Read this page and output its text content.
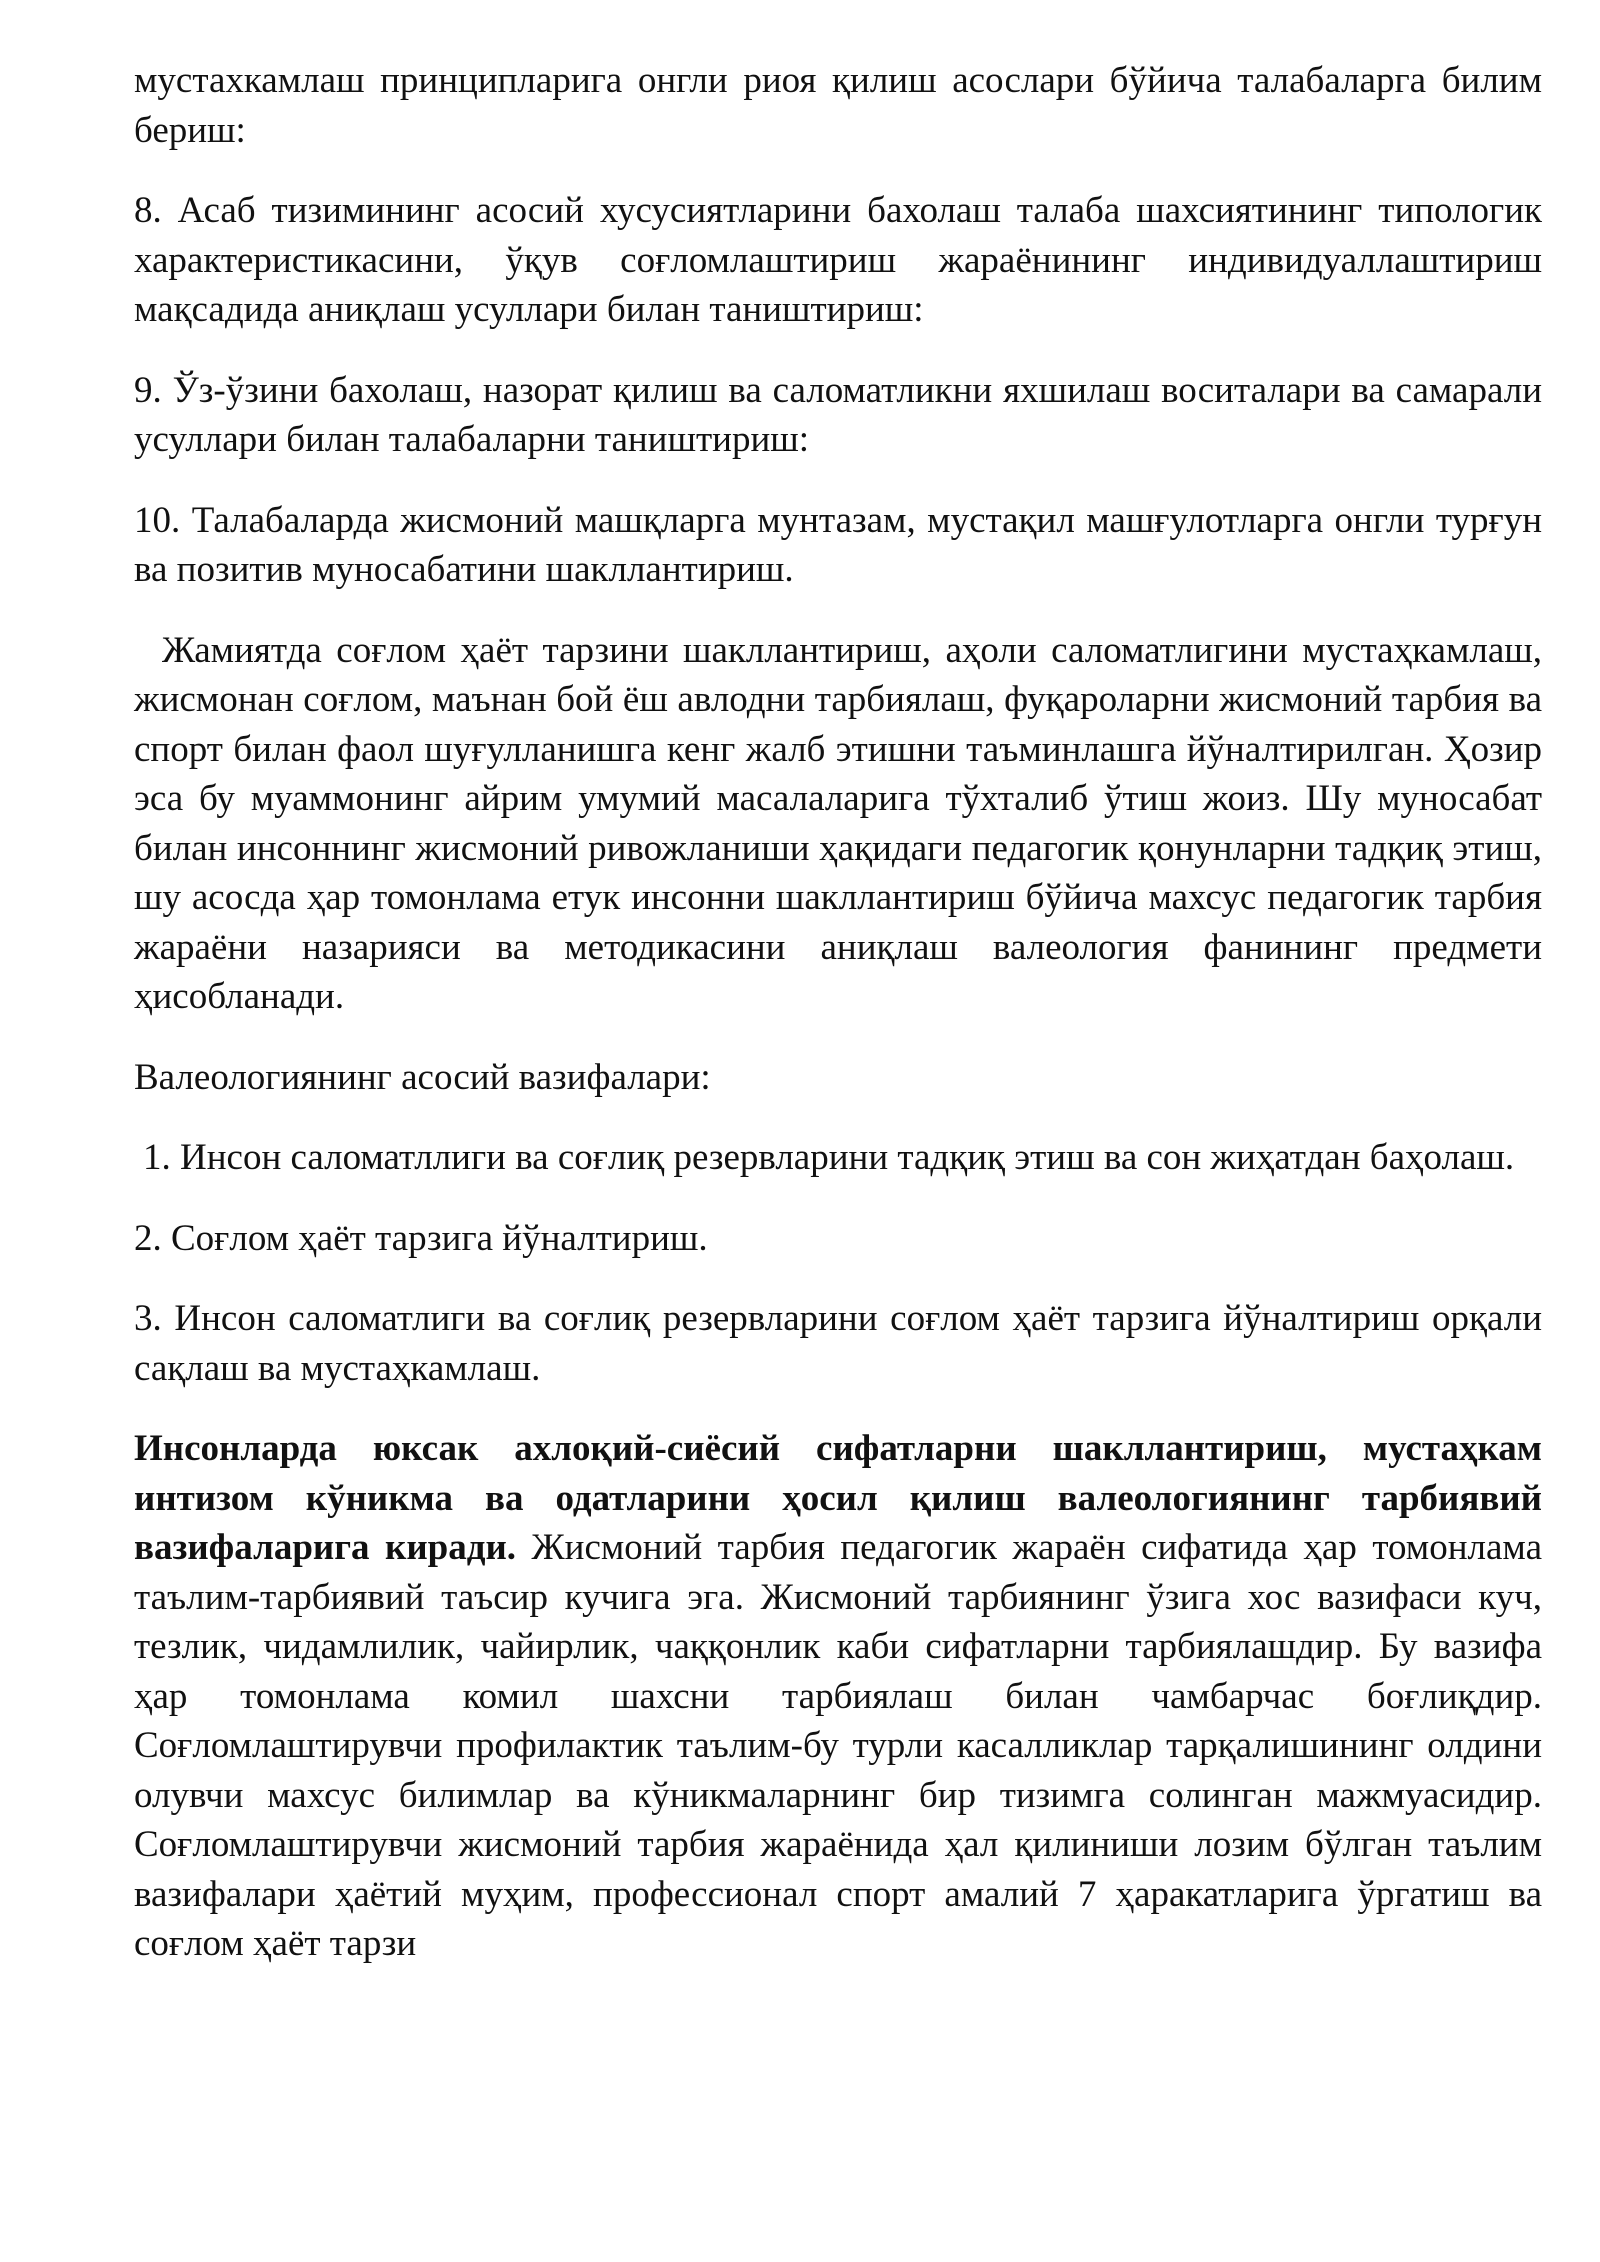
мустахкамлаш принципларига онгли риоя қилиш асослари бўйича талабаларга билим бериш:

8. Асаб тизимининг асосий хусусиятларини бахолаш талаба шахсиятининг типологик характеристикасини, ўқув соғломлаштириш жараёнининг индивидуаллаштириш мақсадида аниқлаш усуллари билан таништириш:

9. Ўз-ўзини бахолаш, назорат қилиш ва саломатликни яхшилаш воситалари ва самарали усуллари билан талабаларни таништириш:

10. Талабаларда жисмоний машқларга мунтазам, мустақил машғулотларга онгли турғун ва позитив муносабатини шакллантириш.

Жамиятда соғлом ҳаёт тарзини шакллантириш, аҳоли саломатлигини мустаҳкамлаш, жисмонан соғлом, маънан бой ёш авлодни тарбиялаш, фуқароларни жисмоний тарбия ва спорт билан фаол шуғулланишга кенг жалб этишни таъминлашга йўналтирилган. Ҳозир эса бу муаммонинг айрим умумий масалаларига тўхталиб ўтиш жоиз. Шу муносабат билан инсоннинг жисмоний ривожланиши ҳақидаги педагогик қонунларни тадқиқ этиш, шу асосда ҳар томонлама етук инсонни шакллантириш бўйича махсус педагогик тарбия жараёни назарияси ва методикасини аниқлаш валеология фанининг предмети ҳисобланади.

Валеологиянинг асосий вазифалари:

1. Инсон саломатллиги ва соғлиқ резервларини тадқиқ этиш ва сон жиҳатдан баҳолаш.

2. Соғлом ҳаёт тарзига йўналтириш.

3. Инсон саломатлиги ва соғлиқ резервларини соғлом ҳаёт тарзига йўналтириш орқали сақлаш ва мустаҳкамлаш.

Инсонларда юксак ахлоқий-сиёсий сифатларни шакллантириш, мустаҳкам интизом кўникма ва одатларини ҳосил қилиш валеологиянинг тарбиявий вазифаларига киради. Жисмоний тарбия педагогик жараён сифатида ҳар томонлама таълим-тарбиявий таъсир кучига эга. Жисмоний тарбиянинг ўзига хос вазифаси куч, тезлик, чидамлилик, чайирлик, чаққонлик каби сифатларни тарбиялашдир. Бу вазифа ҳар томонлама комил шахсни тарбиялаш билан чамбарчас боғлиқдир. Соғломлаштирувчи профилактик таълим-бу турли касалликлар тарқалишининг олдини олувчи махсус билимлар ва кўникмаларнинг бир тизимга солинган мажмуасидир. Соғломлаштирувчи жисмоний тарбия жараёнида ҳал қилиниши лозим бўлган таълим вазифалари ҳаётий муҳим, профессионал спорт амалий 7 ҳаракатларига ўргатиш ва соғлом ҳаёт тарзи
